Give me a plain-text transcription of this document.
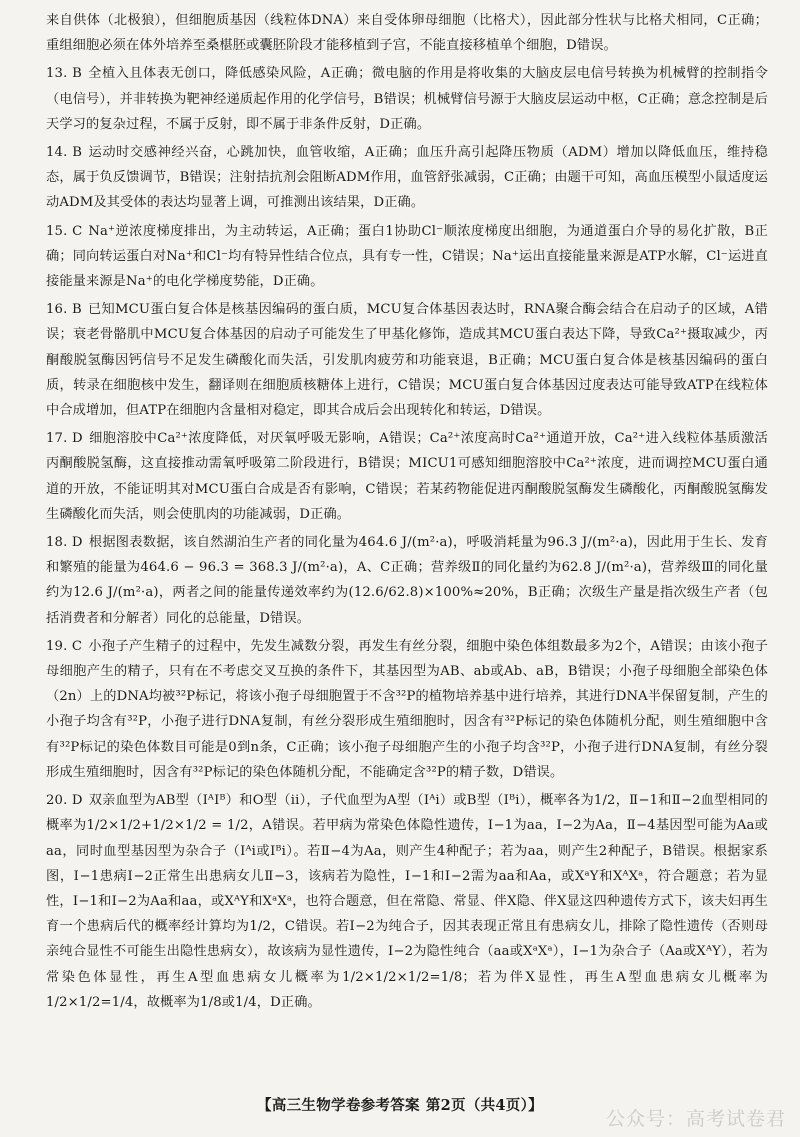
来自供体（北极狼），但细胞质基因（线粒体DNA）来自受体卵母细胞（比格犬），因此部分性状与比格犬相同，C正确；重组细胞必须在体外培养至桑椹胚或囊胚阶段才能移植到子宫，不能直接移植单个细胞，D错误。

13. B 全植入且体表无创口，降低感染风险，A正确；微电脑的作用是将收集的大脑皮层电信号转换为机械臂的控制指令（电信号），并非转换为靶神经递质起作用的化学信号，B错误；机械臂信号源于大脑皮层运动中枢，C正确；意念控制是后天学习的复杂过程，不属于反射，即不属于非条件反射，D正确。

14. B 运动时交感神经兴奋，心跳加快，血管收缩，A正确；血压升高引起降压物质（ADM）增加以降低血压，维持稳态，属于负反馈调节，B错误；注射拮抗剂会阻断ADM作用，血管舒张减弱，C正确；由题干可知，高血压模型小鼠适度运动ADM及其受体的表达均显著上调，可推测出该结果，D正确。

15. C Na⁺逆浓度梯度排出，为主动转运，A正确；蛋白1协助Cl⁻顺浓度梯度出细胞，为通道蛋白介导的易化扩散，B正确；同向转运蛋白对Na⁺和Cl⁻均有特异性结合位点，具有专一性，C错误；Na⁺运出直接能量来源是ATP水解，Cl⁻运进直接能量来源是Na⁺的电化学梯度势能，D正确。

16. B 已知MCU蛋白复合体是核基因编码的蛋白质，MCU复合体基因表达时，RNA聚合酶会结合在启动子的区域，A错误；衰老骨骼肌中MCU复合体基因的启动子可能发生了甲基化修饰，造成其MCU蛋白表达下降，导致Ca²⁺摄取减少，丙酮酸脱氢酶因钙信号不足发生磷酸化而失活，引发肌肉疲劳和功能衰退，B正确；MCU蛋白复合体是核基因编码的蛋白质，转录在细胞核中发生，翻译则在细胞质核糖体上进行，C错误；MCU蛋白复合体基因过度表达可能导致ATP在线粒体中合成增加，但ATP在细胞内含量相对稳定，即其合成后会出现转化和转运，D错误。

17. D 细胞溶胶中Ca²⁺浓度降低，对厌氧呼吸无影响，A错误；Ca²⁺浓度高时Ca²⁺通道开放，Ca²⁺进入线粒体基质激活丙酮酸脱氢酶，这直接推动需氧呼吸第二阶段进行，B错误；MICU1可感知细胞溶胶中Ca²⁺浓度，进而调控MCU蛋白通道的开放，不能证明其对MCU蛋白合成是否有影响，C错误；若某药物能促进丙酮酸脱氢酶发生磷酸化，丙酮酸脱氢酶发生磷酸化而失活，则会使肌肉的功能减弱，D正确。

18. D 根据图表数据，该自然湖泊生产者的同化量为464.6 J/(m²·a)，呼吸消耗量为96.3 J/(m²·a)，因此用于生长、发育和繁殖的能量为464.6 − 96.3 = 368.3 J/(m²·a)，A、C正确；营养级Ⅱ的同化量约为62.8 J/(m²·a)，营养级Ⅲ的同化量约为12.6 J/(m²·a)，两者之间的能量传递效率约为(12.6/62.8)×100%≈20%，B正确；次级生产量是指次级生产者（包括消费者和分解者）同化的总能量，D错误。

19. C 小孢子产生精子的过程中，先发生减数分裂，再发生有丝分裂，细胞中染色体组数最多为2个，A错误；由该小孢子母细胞产生的精子，只有在不考虑交叉互换的条件下，其基因型为AB、ab或Ab、aB，B错误；小孢子母细胞全部染色体（2n）上的DNA均被³²P标记，将该小孢子母细胞置于不含³²P的植物培养基中进行培养，其进行DNA半保留复制，产生的小孢子均含有³²P，小孢子进行DNA复制，有丝分裂形成生殖细胞时，因含有³²P标记的染色体随机分配，则生殖细胞中含有³²P标记的染色体数目可能是0到n条，C正确；该小孢子母细胞产生的小孢子均含³²P，小孢子进行DNA复制，有丝分裂形成生殖细胞时，因含有³²P标记的染色体随机分配，不能确定含³²P的精子数，D错误。

20. D 双亲血型为AB型（IᴬIᴮ）和O型（ii），子代血型为A型（Iᴬi）或B型（Iᴮi），概率各为1/2，Ⅱ−1和Ⅱ−2血型相同的概率为1/2×1/2+1/2×1/2 = 1/2，A错误。若甲病为常染色体隐性遗传，Ⅰ−1为aa，Ⅰ−2为Aa，Ⅱ−4基因型可能为Aa或aa，同时血型基因型为杂合子（Iᴬi或Iᴮi）。若Ⅱ−4为Aa，则产生4种配子；若为aa，则产生2种配子，B错误。根据家系图，Ⅰ−1患病Ⅰ−2正常生出患病女儿Ⅱ−3，该病若为隐性，Ⅰ−1和Ⅰ−2需为aa和Aa，或XᵃY和XᴬXᵃ，符合题意；若为显性，Ⅰ−1和Ⅰ−2为Aa和aa，或XᴬY和XᵃXᵃ，也符合题意，但在常隐、常显、伴X隐、伴X显这四种遗传方式下，该夫妇再生育一个患病后代的概率经计算均为1/2，C错误。若Ⅰ−2为纯合子，因其表现正常且有患病女儿，排除了隐性遗传（否则母亲纯合显性不可能生出隐性患病女），故该病为显性遗传，Ⅰ−2为隐性纯合（aa或XᵃXᵃ），Ⅰ−1为杂合子（Aa或XᴬY），若为常染色体显性，再生A型血患病女儿概率为1/2×1/2×1/2=1/8；若为伴X显性，再生A型血患病女儿概率为1/2×1/2=1/4，故概率为1/8或1/4，D正确。

【高三生物学卷参考答案 第2页（共4页）】
公众号：高考试卷君
